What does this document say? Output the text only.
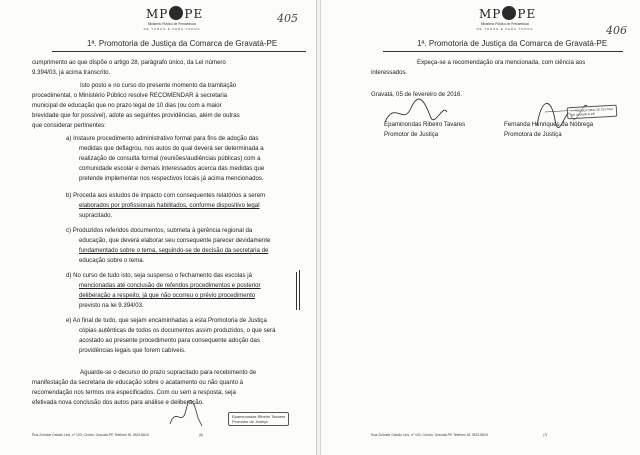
MP PE
Ministério Público de Pernambuco
DE TODOS E PARA TODOS
405
1ª. Promotoria de Justiça da Comarca de Gravatá-PE
cumprimento ao que dispõe o artigo 28, parágrafo único, da Lei número
9.394/03, já acima transcrito.
Isto posto e no curso do presente momento da tramitação
procedimental, o Ministério Público resolve RECOMENDAR à secretaria
municipal de educação que no prazo legal de 10 dias (ou com a maior
brevidade que for possível), adote as seguintes providências, além de outras
que considerar pertinentes:
a) Instaure procedimento administrativo formal para fins de adoção das
medidas que deflagrou, nos autos do qual deverá ser determinada a
realização de consulta formal (reuniões/audiências públicas) com a
comunidade escolar e demais interessados acerca das medidas que
pretende implementar nos respectivos locais já acima mencionados.
b) Proceda aos estudos de impacto com consequentes relatórios a serem
elaborados por profissionais habilitados, conforme dispositivo legal
supracitado.
c) Produzidos referidos documentos, submeta à gerência regional da
educação, que deverá elaborar seu consequente parecer devidamente
fundamentado sobre o tema, seguindo-se de decisão da secretaria de
educação sobre o tema.
d) No curso de tudo isto, seja suspenso o fechamento das escolas já
mencionadas até conclusão de referidos procedimentos e posterior
deliberação a respeito, já que não ocorreu o prévio procedimento
previsto na lei 9.394/03.
e) Ao final de tudo, que sejam encaminhadas a esta Promotoria de Justiça
cópias autênticas de todos os documentos assim produzidos, o que será
acostado ao presente procedimento para consequente adoção das
providências legais que forem cabíveis.
Aguarde-se o decurso do prazo supracitado para recebimento de
manifestação da secretaria de educação sobre o acatamento ou não quanto à
recomendação nos termos ora especificados. Com ou sem a resposta, seja
efetivada nova conclusão dos autos para análise e deliberação.
Epaminondas Ribeiro Tavares
Promotor de Justiça
Rua Zulmide Galvão Lins, nº 100, Centro, Gravatá-PE Telefone 81 3533.8815	(6)
MP PE
Ministério Público de Pernambuco
DE TODOS E PARA TODOS	406
1ª. Promotoria de Justiça da Comarca de Gravatá-PE
Expeça-se a recomendação ora mencionada, com ciência aos
interessados.
Gravatá, 05 de fevereiro de 2016.
1ª PROMOTORIA DE JUSTIÇA
DE GRAVATÁ-PE
Epaminondas Ribeiro Tavares
Promotor de Justiça
Fernanda Henriques da Nóbrega
Promotora de Justiça
Rua Zulmide Galvão Lins, nº 100, Centro, Gravatá-PE Telefone 81 3533.8815	(7)
